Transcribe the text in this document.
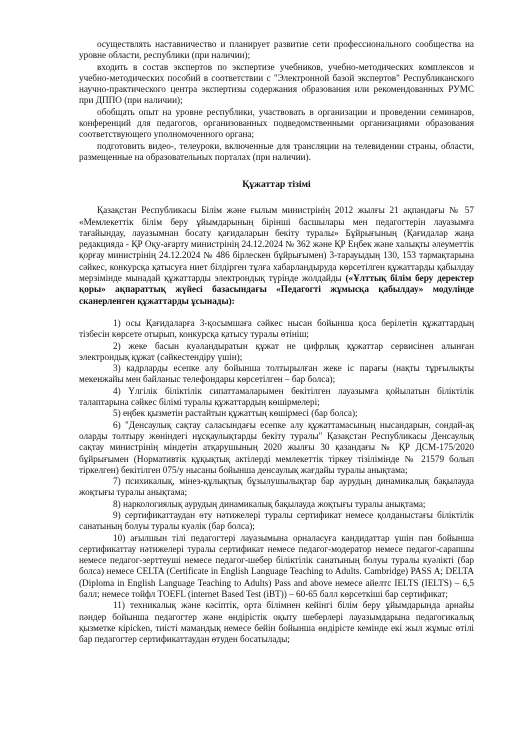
осуществлять наставничество и планирует развитие сети профессионального сообщества на уровне области, республики (при наличии);

входить в состав экспертов по экспертизе учебников, учебно-методических комплексов и учебно-методических пособий в соответствии с "Электронной базой экспертов" Республиканского научно-практического центра экспертизы содержания образования или рекомендованных РУМС при ДППО (при наличии);

обобщать опыт на уровне республики, участвовать в организации и проведении семинаров, конференций для педагогов, организованных подведомственными организациями образования соответствующего уполномоченного органа;

подготовить видео-, телеуроки, включенные для трансляции на телевидении страны, области, размещенные на образовательных порталах (при наличии).

Құжаттар тізімі

Қазақстан Республикасы Білім және ғылым министрінің 2012 жылғы 21 ақпандағы № 57 «Мемлекеттік білім беру ұйымдарының бірінші басшылары мен педагогтерін лауазымға тағайындау, лауазымнан босату қағидаларын бекіту туралы» Бұйрығының (Қағидалар жаңа редакцияда - ҚР Оқу-ағарту министрінің 24.12.2024 № 362 және ҚР Еңбек және халықты әлеуметтік қорғау министрінің 24.12.2024 № 486 бірлескен бұйрығымен) 3-тарауыдың 130, 153 тармақтарына сәйкес, конкурсқа қатысуға ниет білдірген тұлға хабарландыруда көрсетілген құжаттарды қабылдау мерзімінде мынадай құжаттарды электрондық түрінде жолдайды («Ұлттық білім беру деректер қоры» ақпараттық жүйесі базасындағы «Педагогті жұмысқа қабылдау» модулінде сканерленген құжаттарды ұсынады):

1) осы Қағидаларға 3-қосымшаға сәйкес нысан бойынша қоса берілетін құжаттардың тізбесін көрсете отырып, конкурсқа қатысу туралы өтініш;

2) жеке басын куәландыратын құжат не цифрлық құжаттар сервисінен алынған электрондық құжат (сәйкестендіру үшін);

3) кадрларды есепке алу бойынша толтырылған жеке іс парағы (нақты тұрғылықты мекенжайы мен байланыс телефондары көрсетілген – бар болса);

4) Үлгілік біліктілік сипаттамаларымен бекітілген лауазымға қойылатын біліктілік талаптарына сәйкес білімі туралы құжаттардың көшірмелері;

5) еңбек қызметін растайтын құжаттың көшірмесі (бар болса);

6) "Денсаулық сақтау саласындағы есепке алу құжаттамасының нысандарын, сондай-ақ оларды толтыру жөніндегі нұсқаулықтарды бекіту туралы" Қазақстан Республикасы Денсаулық сақтау министрінің міндетін атқарушының 2020 жылғы 30 қазандағы № ҚР ДСМ-175/2020 бұйрығымен (Нормативтік құқықтық актілерді мемлекеттік тіркеу тізілімінде № 21579 болып тіркелген) бекітілген 075/у нысаны бойынша денсаулық жағдайы туралы анықтама;

7) психикалық, мінез-құлықтық бұзылушылықтар бар аурудың динамикалық бақылауда жоқтығы туралы анықтама;

8) наркологиялық аурудың динамикалық бақылауда жоқтығы туралы анықтама;

9) сертификаттаудан өту нәтижелері туралы сертификат немесе қолданыстағы біліктілік санатының болуы туралы куәлік (бар болса);

10) ағылшын тілі педагогтері лауазымына орналасуға кандидаттар үшін пән бойынша сертификаттау нәтижелері туралы сертификат немесе педагог-модератор немесе педагог-сарапшы немесе педагог-зерттеуші немесе педагог-шебер біліктілік санатының болуы туралы куәлікті (бар болса) немесе CELTA (Certificate in English Language Teaching to Adults. Cambridge) PASS A; DELTA (Diploma in English Language Teaching to Adults) Pass and above немесе айелтс IELTS (IELTS) – 6,5 балл; немесе тойфл TOEFL (internet Based Test (iBT)) – 60-65 балл көрсеткіші бар сертификат;

11) техникалық және кәсіптік, орта білімнен кейінгі білім беру ұйымдарында арнайы пәндер бойынша педагогтер және өндірістік оқыту шеберлері лауазымдарына педагогикалық қызметке кірісken, тиісті мамандық немесе бейін бойынша өндірісте кемінде екі жыл жұмыс өтілі бар педагогтер сертификаттаудан өтуден босатылады;
